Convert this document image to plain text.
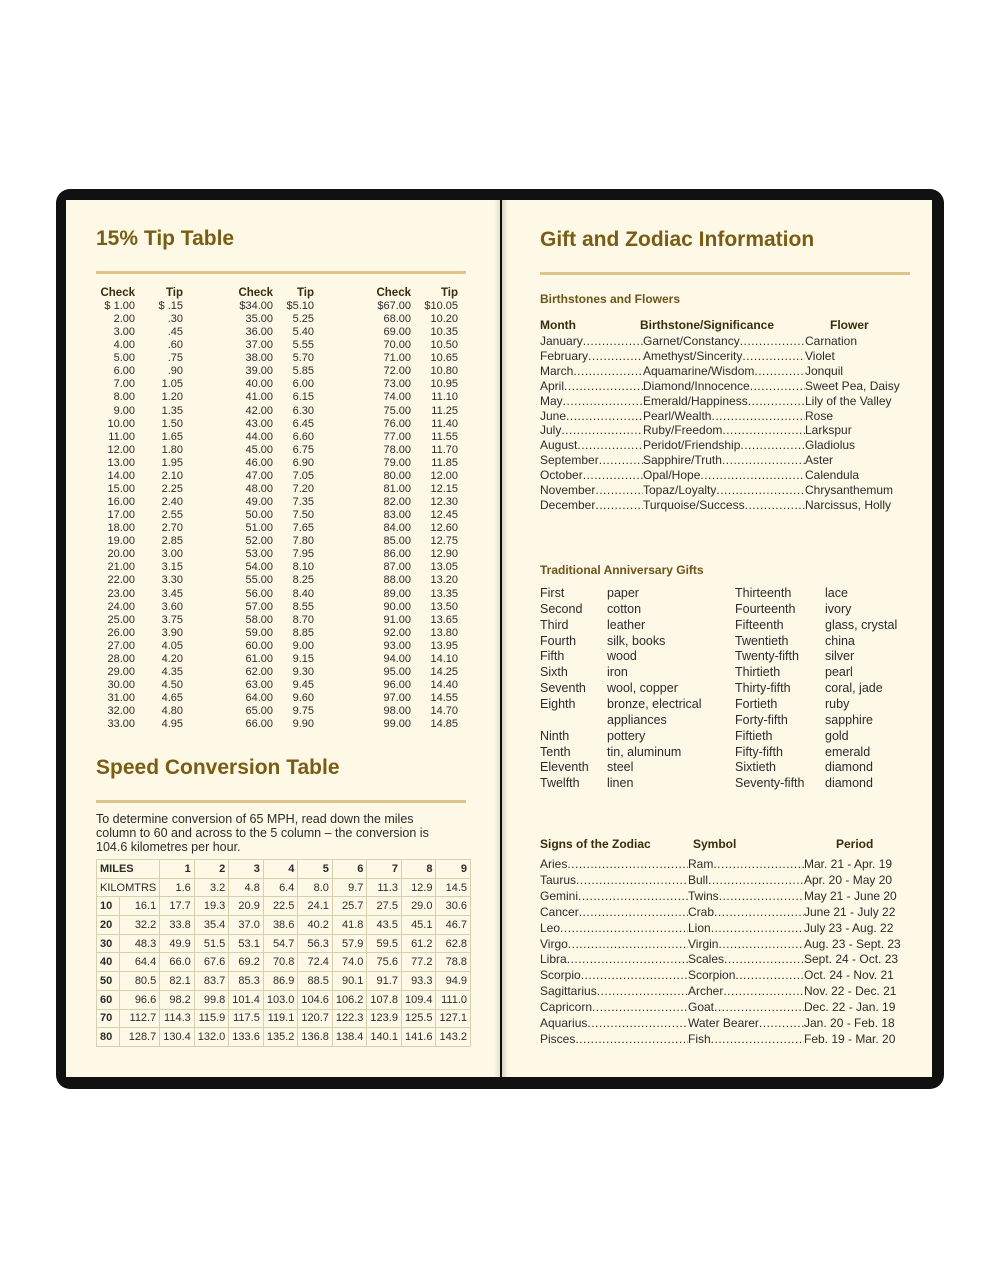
15% Tip Table
Check	Tip
$ 1.00	$ .15
2.00	.30
3.00	.45
4.00	.60
5.00	.75
6.00	.90
7.00	1.05
8.00	1.20
9.00	1.35
10.00	1.50
11.00	1.65
12.00	1.80
13.00	1.95
14.00	2.10
15.00	2.25
16.00	2.40
17.00	2.55
18.00	2.70
19.00	2.85
20.00	3.00
21.00	3.15
22.00	3.30
23.00	3.45
24.00	3.60
25.00	3.75
26.00	3.90
27.00	4.05
28.00	4.20
29.00	4.35
30.00	4.50
31.00	4.65
32.00	4.80
33.00	4.95
Check	Tip
$34.00	$5.10
35.00	5.25
36.00	5.40
37.00	5.55
38.00	5.70
39.00	5.85
40.00	6.00
41.00	6.15
42.00	6.30
43.00	6.45
44.00	6.60
45.00	6.75
46.00	6.90
47.00	7.05
48.00	7.20
49.00	7.35
50.00	7.50
51.00	7.65
52.00	7.80
53.00	7.95
54.00	8.10
55.00	8.25
56.00	8.40
57.00	8.55
58.00	8.70
59.00	8.85
60.00	9.00
61.00	9.15
62.00	9.30
63.00	9.45
64.00	9.60
65.00	9.75
66.00	9.90
Check	Tip
$67.00	$10.05
68.00	10.20
69.00	10.35
70.00	10.50
71.00	10.65
72.00	10.80
73.00	10.95
74.00	11.10
75.00	11.25
76.00	11.40
77.00	11.55
78.00	11.70
79.00	11.85
80.00	12.00
81.00	12.15
82.00	12.30
83.00	12.45
84.00	12.60
85.00	12.75
86.00	12.90
87.00	13.05
88.00	13.20
89.00	13.35
90.00	13.50
91.00	13.65
92.00	13.80
93.00	13.95
94.00	14.10
95.00	14.25
96.00	14.40
97.00	14.55
98.00	14.70
99.00	14.85
Speed Conversion Table
To determine conversion of 65 MPH, read down the miles
column to 60 and across to the 5 column – the conversion is
104.6 kilometres per hour.
MILES		1	2	3	4	5	6	7	8	9
KILOMTRS		1.6	3.2	4.8	6.4	8.0	9.7	11.3	12.9	14.5
10	16.1	17.7	19.3	20.9	22.5	24.1	25.7	27.5	29.0	30.6
20	32.2	33.8	35.4	37.0	38.6	40.2	41.8	43.5	45.1	46.7
30	48.3	49.9	51.5	53.1	54.7	56.3	57.9	59.5	61.2	62.8
40	64.4	66.0	67.6	69.2	70.8	72.4	74.0	75.6	77.2	78.8
50	80.5	82.1	83.7	85.3	86.9	88.5	90.1	91.7	93.3	94.9
60	96.6	98.2	99.8	101.4	103.0	104.6	106.2	107.8	109.4	111.0
70	112.7	114.3	115.9	117.5	119.1	120.7	122.3	123.9	125.5	127.1
80	128.7	130.4	132.0	133.6	135.2	136.8	138.4	140.1	141.6	143.2
Gift and Zodiac Information
Birthstones and Flowers
Month	Birthstone/Significance	Flower
January .....	Garnet/Constancy .....	Carnation
February .....	Amethyst/Sincerity .....	Violet
March .....	Aquamarine/Wisdom .....	Jonquil
April .....	Diamond/Innocence .....	Sweet Pea, Daisy
May .....	Emerald/Happiness .....	Lily of the Valley
June .....	Pearl/Wealth .....	Rose
July .....	Ruby/Freedom .....	Larkspur
August .....	Peridot/Friendship .....	Gladiolus
September .....	Sapphire/Truth .....	Aster
October .....	Opal/Hope .....	Calendula
November .....	Topaz/Loyalty .....	Chrysanthemum
December .....	Turquoise/Success .....	Narcissus, Holly
Traditional Anniversary Gifts
First	paper
Second cotton
Third	leather
Fourth silk, books
Fifth	wood
Sixth	iron
Seventh wool, copper
Eighth	bronze, electrical
appliances
Ninth	pottery
Tenth	tin, aluminum
Eleventh steel
Twelfth linen
Thirteenth	lace
Fourteenth ivory
Fifteenth	glass, crystal
Twentieth	china
Twenty-fifth silver
Thirtieth	pearl
Thirty-fifth	coral, jade
Fortieth	ruby
Forty-fifth	sapphire
Fiftieth	gold
Fifty-fifth	emerald
Sixtieth	diamond
Seventy-fifth diamond
Signs of the Zodiac	Symbol	Period
Aries .....	Ram .....	Mar. 21 - Apr. 19
Taurus .....	Bull .....	Apr. 20 - May 20
Gemini .....	Twins .....	May 21 - June 20
Cancer .....	Crab .....	June 21 - July 22
Leo .....	Lion .....	July 23 - Aug. 22
Virgo .....	Virgin .....	Aug. 23 - Sept. 23
Libra .....	Scales .....	Sept. 24 - Oct. 23
Scorpio .....	Scorpion .....	Oct. 24 - Nov. 21
Sagittarius .....	Archer .....	Nov. 22 - Dec. 21
Capricorn .....	Goat .....	Dec. 22 - Jan. 19
Aquarius .....	Water Bearer .....	Jan. 20 - Feb. 18
Pisces .....	Fish .....	Feb. 19 - Mar. 20
